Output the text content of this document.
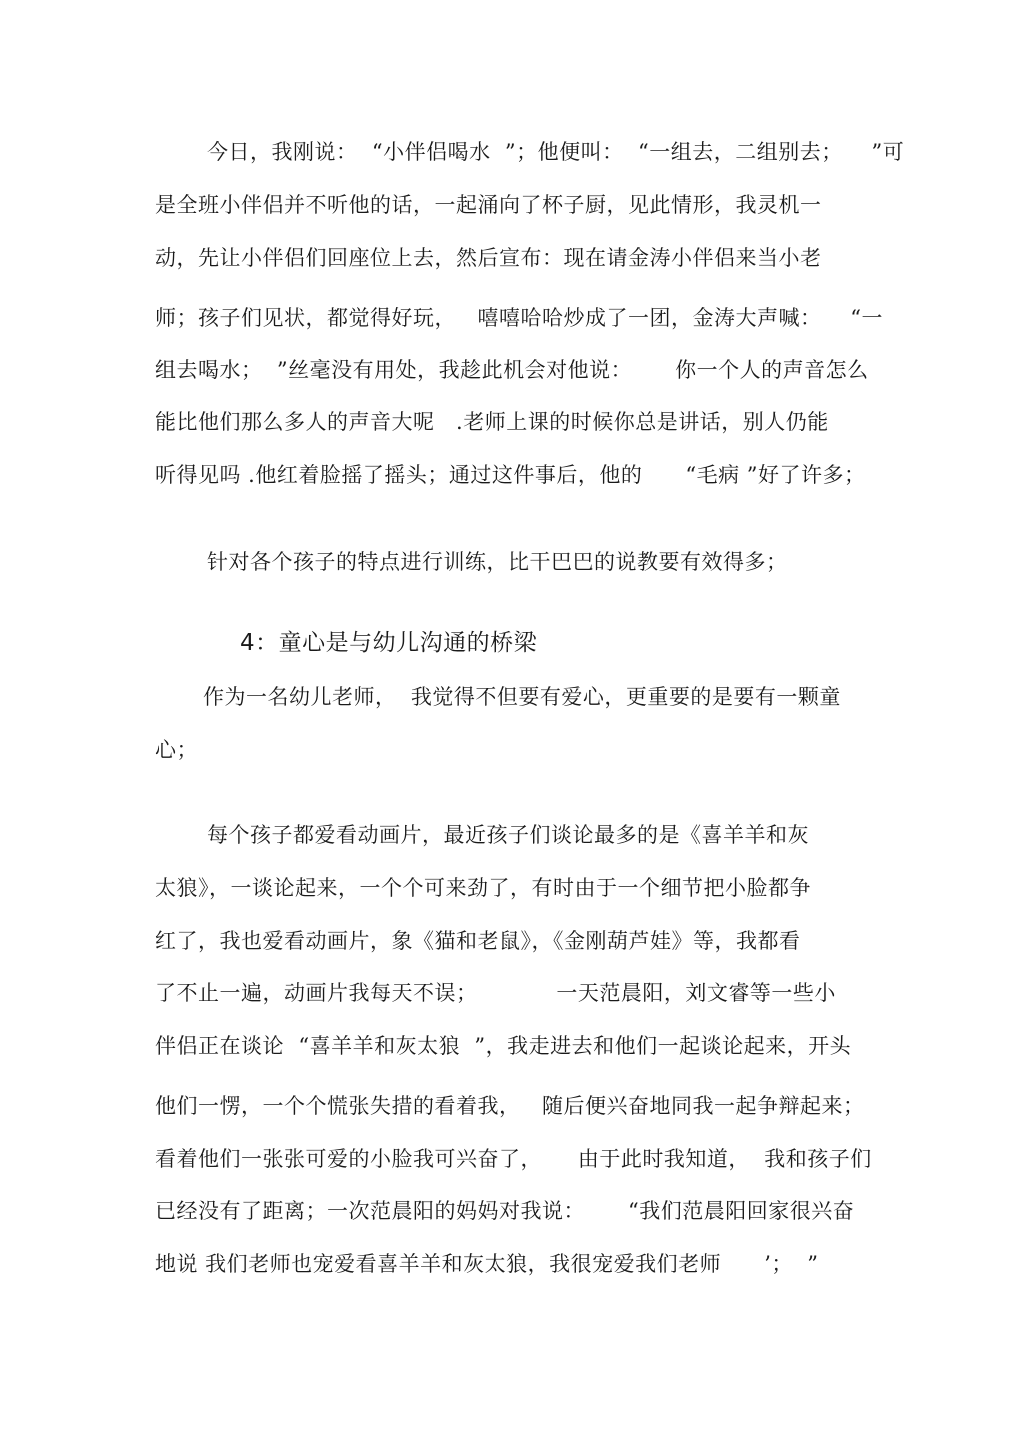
今日，我刚说：  “小伴侣喝水  ”；他便叫：  “一组去，二组别去；    ”可
是全班小伴侣并不听他的话，一起涌向了杯子厨，见此情形，我灵机一
动，先让小伴侣们回座位上去，然后宣布：现在请金涛小伴侣来当小老
师；孩子们见状，都觉得好玩，   嘻嘻哈哈炒成了一团，金涛大声喊：    “一
组去喝水；  ”丝毫没有用处，我趁此机会对他说：      你一个人的声音怎么
能比他们那么多人的声音大呢   .老师上课的时候你总是讲话，别人仍能
听得见吗 .他红着脸摇了摇头；通过这件事后，他的      “毛病 ”好了许多；
针对各个孩子的特点进行训练，比干巴巴的说教要有效得多；
4：童心是与幼儿沟通的桥梁
作为一名幼儿老师，  我觉得不但要有爱心，更重要的是要有一颗童
心；
每个孩子都爱看动画片，最近孩子们谈论最多的是《喜羊羊和灰
太狼》，一谈论起来，一个个可来劲了，有时由于一个细节把小脸都争
红了，我也爱看动画片，象《猫和老鼠》，《金刚葫芦娃》等，我都看
了不止一遍，动画片我每天不误；           一天范晨阳，刘文睿等一些小
伴侣正在谈论  “喜羊羊和灰太狼  ”，我走进去和他们一起谈论起来，开头
他们一愣，一个个慌张失措的看着我，   随后便兴奋地同我一起争辩起来；
看着他们一张张可爱的小脸我可兴奋了，     由于此时我知道，  我和孩子们
已经没有了距离；一次范晨阳的妈妈对我说：      “我们范晨阳回家很兴奋
地说 我们老师也宠爱看喜羊羊和灰太狼，我很宠爱我们老师      ’；  ”
